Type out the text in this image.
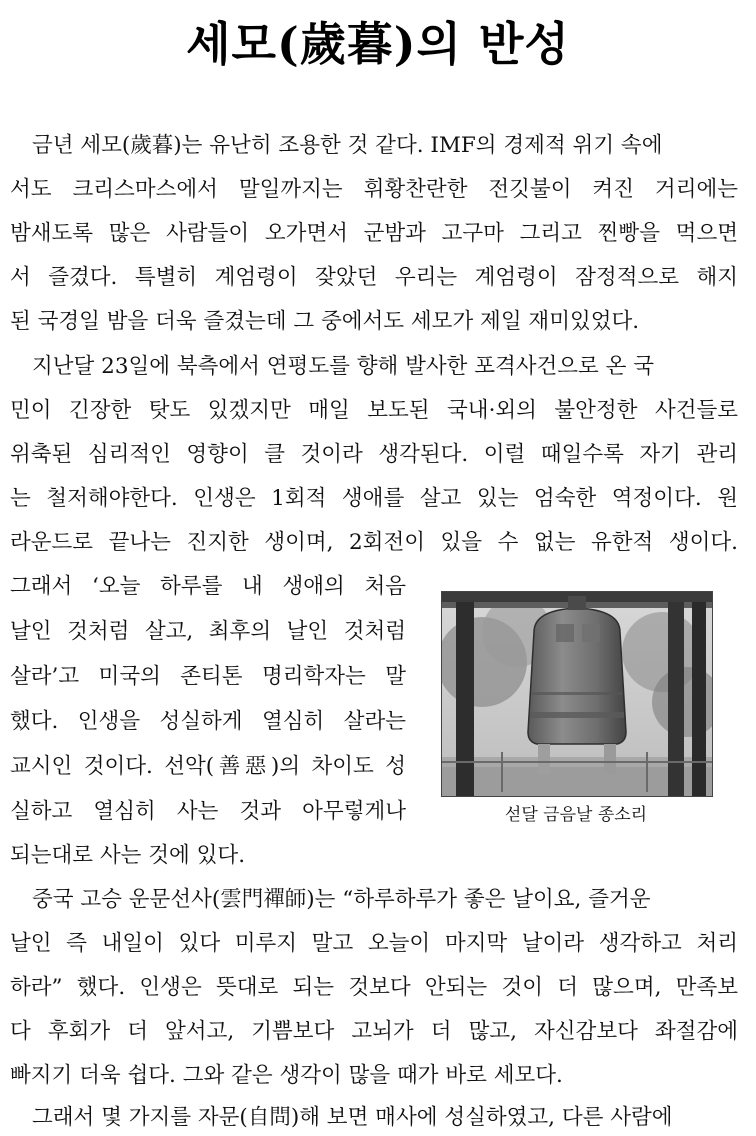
세모(歲暮)의 반성
금년 세모(歲暮)는 유난히 조용한 것 같다. IMF의 경제적 위기 속에
서도 크리스마스에서 말일까지는 휘황찬란한 전깃불이 켜진 거리에는
밤새도록 많은 사람들이 오가면서 군밤과 고구마 그리고 찐빵을 먹으면
서 즐겼다. 특별히 계엄령이 잦았던 우리는 계엄령이 잠정적으로 해지
된 국경일 밤을 더욱 즐겼는데 그 중에서도 세모가 제일 재미있었다.
지난달 23일에 북측에서 연평도를 향해 발사한 포격사건으로 온 국
민이 긴장한 탓도 있겠지만 매일 보도된 국내·외의 불안정한 사건들로
위축된 심리적인 영향이 클 것이라 생각된다. 이럴 때일수록 자기 관리
는 철저해야한다. 인생은 1회적 생애를 살고 있는 엄숙한 역정이다. 원
라운드로 끝나는 진지한 생이며, 2회전이 있을 수 없는 유한적 생이다.
그래서 ‘오늘 하루를 내 생애의 처음
날인 것처럼 살고, 최후의 날인 것처럼
살라’고 미국의 존티톤 명리학자는 말
했다. 인생을 성실하게 열심히 살라는
교시인 것이다. 선악(善惡)의 차이도 성
실하고 열심히 사는 것과 아무렇게나
되는대로 사는 것에 있다.
중국 고승 운문선사(雲門禪師)는 “하루하루가 좋은 날이요, 즐거운
날인 즉 내일이 있다 미루지 말고 오늘이 마지막 날이라 생각하고 처리
하라” 했다. 인생은 뜻대로 되는 것보다 안되는 것이 더 많으며, 만족보
다 후회가 더 앞서고, 기쁨보다 고뇌가 더 많고, 자신감보다 좌절감에
빠지기 더욱 쉽다. 그와 같은 생각이 많을 때가 바로 세모다.
그래서 몇 가지를 자문(自問)해 보면 매사에 성실하였고, 다른 사람에
섣달 금음날 종소리
